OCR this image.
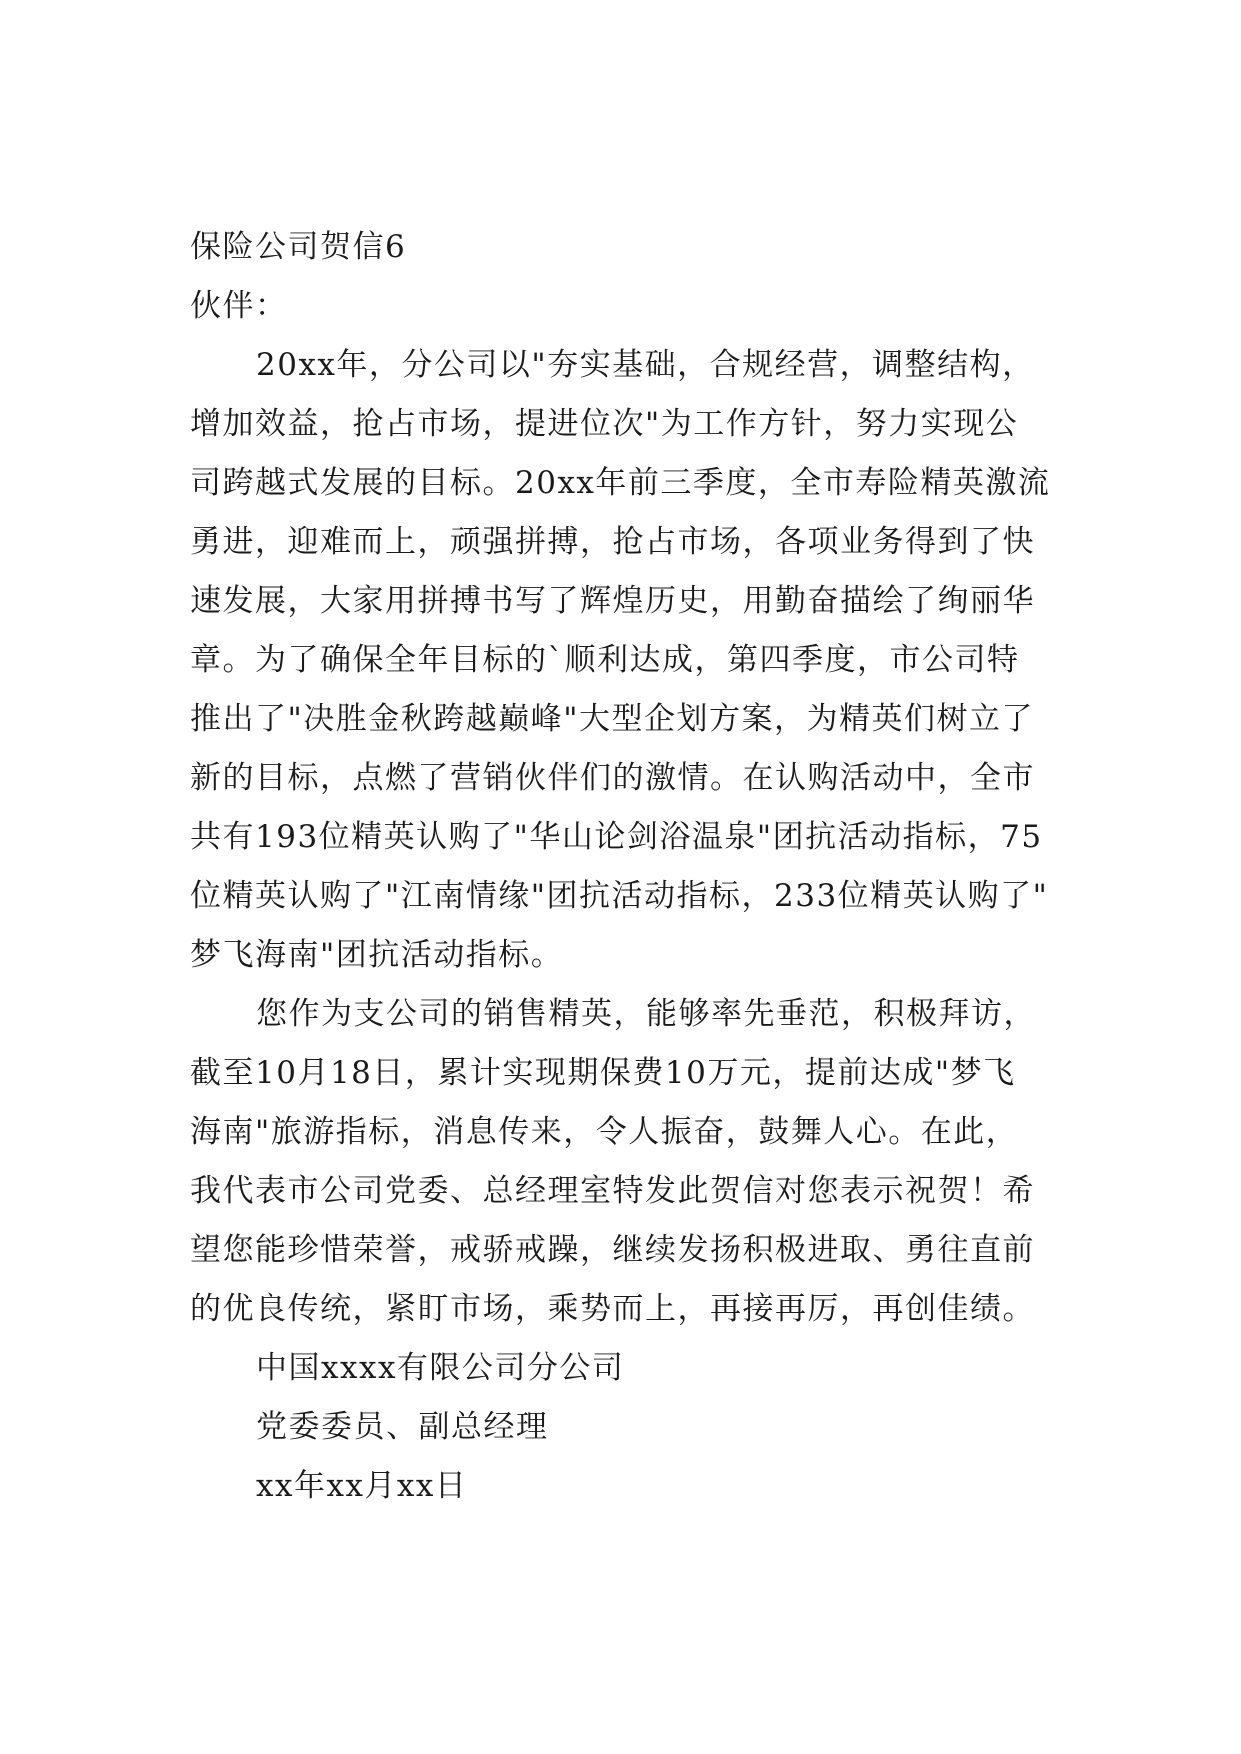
保险公司贺信6
伙伴：
20xx年，分公司以"夯实基础，合规经营，调整结构，
增加效益，抢占市场，提进位次"为工作方针，努力实现公
司跨越式发展的目标。20xx年前三季度，全市寿险精英激流
勇进，迎难而上，顽强拼搏，抢占市场，各项业务得到了快
速发展，大家用拼搏书写了辉煌历史，用勤奋描绘了绚丽华
章。为了确保全年目标的`顺利达成，第四季度，市公司特
推出了"决胜金秋跨越巅峰"大型企划方案，为精英们树立了
新的目标，点燃了营销伙伴们的激情。在认购活动中，全市
共有193位精英认购了"华山论剑浴温泉"团抗活动指标，75
位精英认购了"江南情缘"团抗活动指标，233位精英认购了"
梦飞海南"团抗活动指标。
您作为支公司的销售精英，能够率先垂范，积极拜访，
截至10月18日，累计实现期保费10万元，提前达成"梦飞
海南"旅游指标，消息传来，令人振奋，鼓舞人心。在此，
我代表市公司党委、总经理室特发此贺信对您表示祝贺！希
望您能珍惜荣誉，戒骄戒躁，继续发扬积极进取、勇往直前
的优良传统，紧盯市场，乘势而上，再接再厉，再创佳绩。
中国xxxx有限公司分公司
党委委员、副总经理
xx年xx月xx日
